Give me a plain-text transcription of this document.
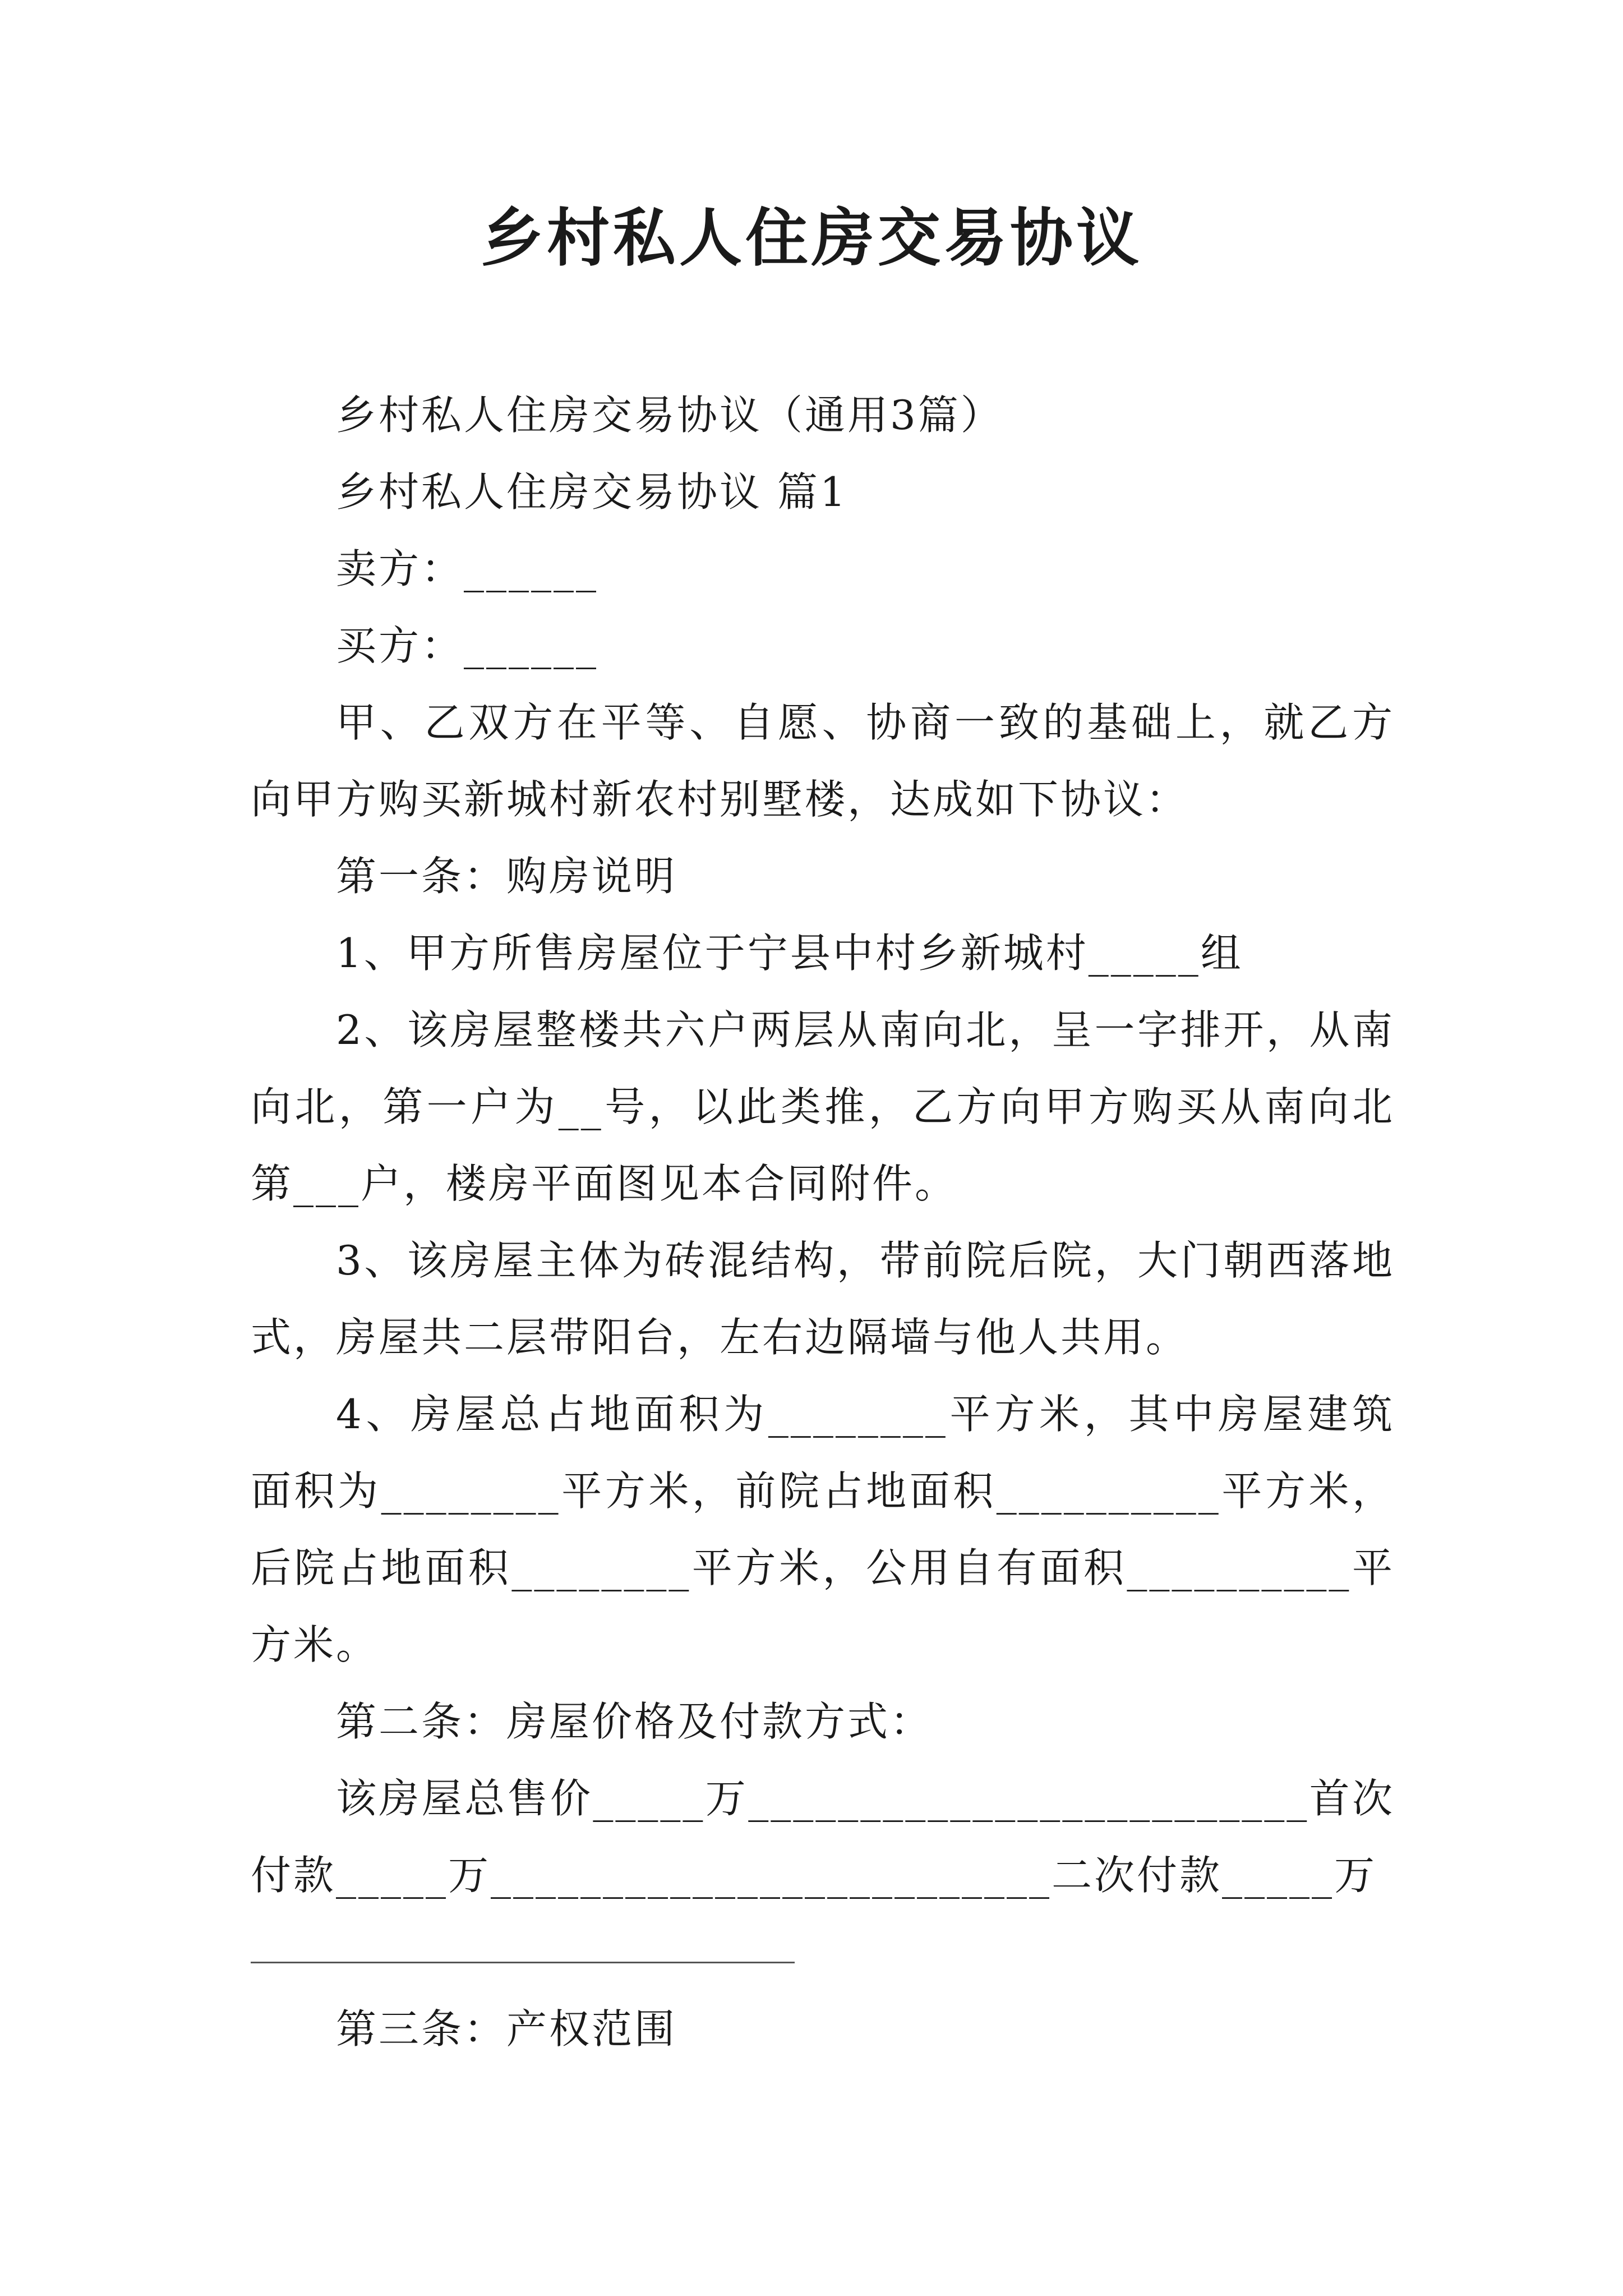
乡村私人住房交易协议

乡村私人住房交易协议（通用3篇）

乡村私人住房交易协议 篇1

卖方：______

买方：______

甲、乙双方在平等、自愿、协商一致的基础上，就乙方向甲方购买新城村新农村别墅楼，达成如下协议：

第一条：购房说明

1、甲方所售房屋位于宁县中村乡新城村_____组

2、该房屋整楼共六户两层从南向北，呈一字排开，从南向北，第一户为__号，以此类推，乙方向甲方购买从南向北第___户，楼房平面图见本合同附件。

3、该房屋主体为砖混结构，带前院后院，大门朝西落地式，房屋共二层带阳台，左右边隔墙与他人共用。

4、房屋总占地面积为________平方米，其中房屋建筑面积为________平方米，前院占地面积__________平方米，后院占地面积________平方米，公用自有面积__________平方米。

第二条：房屋价格及付款方式：

该房屋总售价_____万_________________________首次付款_____万_________________________二次付款_____万

第三条：产权范围
